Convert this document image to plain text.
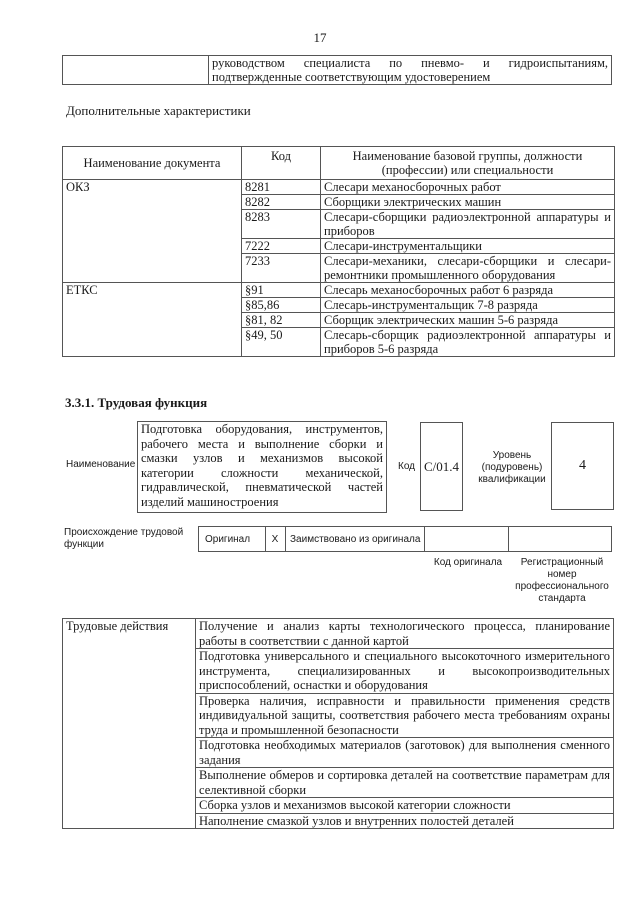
17
	руководством специалиста по пневмо- и гидроиспытаниям, подтвержденные соответствующим удостоверением
Дополнительные характеристики
Наименование документа	Код	Наименование базовой группы, должности (профессии) или специальности
ОКЗ	8281	Слесари механосборочных работ
	8282	Сборщики электрических машин
	8283	Слесари-сборщики радиоэлектронной аппаратуры и приборов
	7222	Слесари-инструментальщики
	7233	Слесари-механики, слесари-сборщики и слесари-ремонтники промышленного оборудования
ЕТКС	§91	Слесарь механосборочных работ 6 разряда
	§85,86	Слесарь-инструментальщик 7-8 разряда
	§81, 82	Сборщик электрических машин 5-6 разряда
	§49, 50	Слесарь-сборщик радиоэлектронной аппаратуры и приборов 5-6 разряда
3.3.1. Трудовая функция
Наименование
Подготовка оборудования, инструментов, рабочего места и выполнение сборки и смазки узлов и механизмов высокой категории сложности механической, гидравлической, пневматической частей изделий машиностроения
Код C/01.4
Уровень (подуровень) квалификации
4
Происхождение трудовой функции	Оригинал	X	Заимствовано из оригинала
Код оригинала	Регистрационный номер профессионального стандарта
Трудовые действия	Получение и анализ карты технологического процесса, планирование работы в соответствии с данной картой
Подготовка универсального и специального высокоточного измерительного инструмента, специализированных и высокопроизводительных приспособлений, оснастки и оборудования
Проверка наличия, исправности и правильности применения средств индивидуальной защиты, соответствия рабочего места требованиям охраны труда и промышленной безопасности
Подготовка необходимых материалов (заготовок) для выполнения сменного задания
Выполнение обмеров и сортировка деталей на соответствие параметрам для селективной сборки
Сборка узлов и механизмов высокой категории сложности
Наполнение смазкой узлов и внутренних полостей деталей
